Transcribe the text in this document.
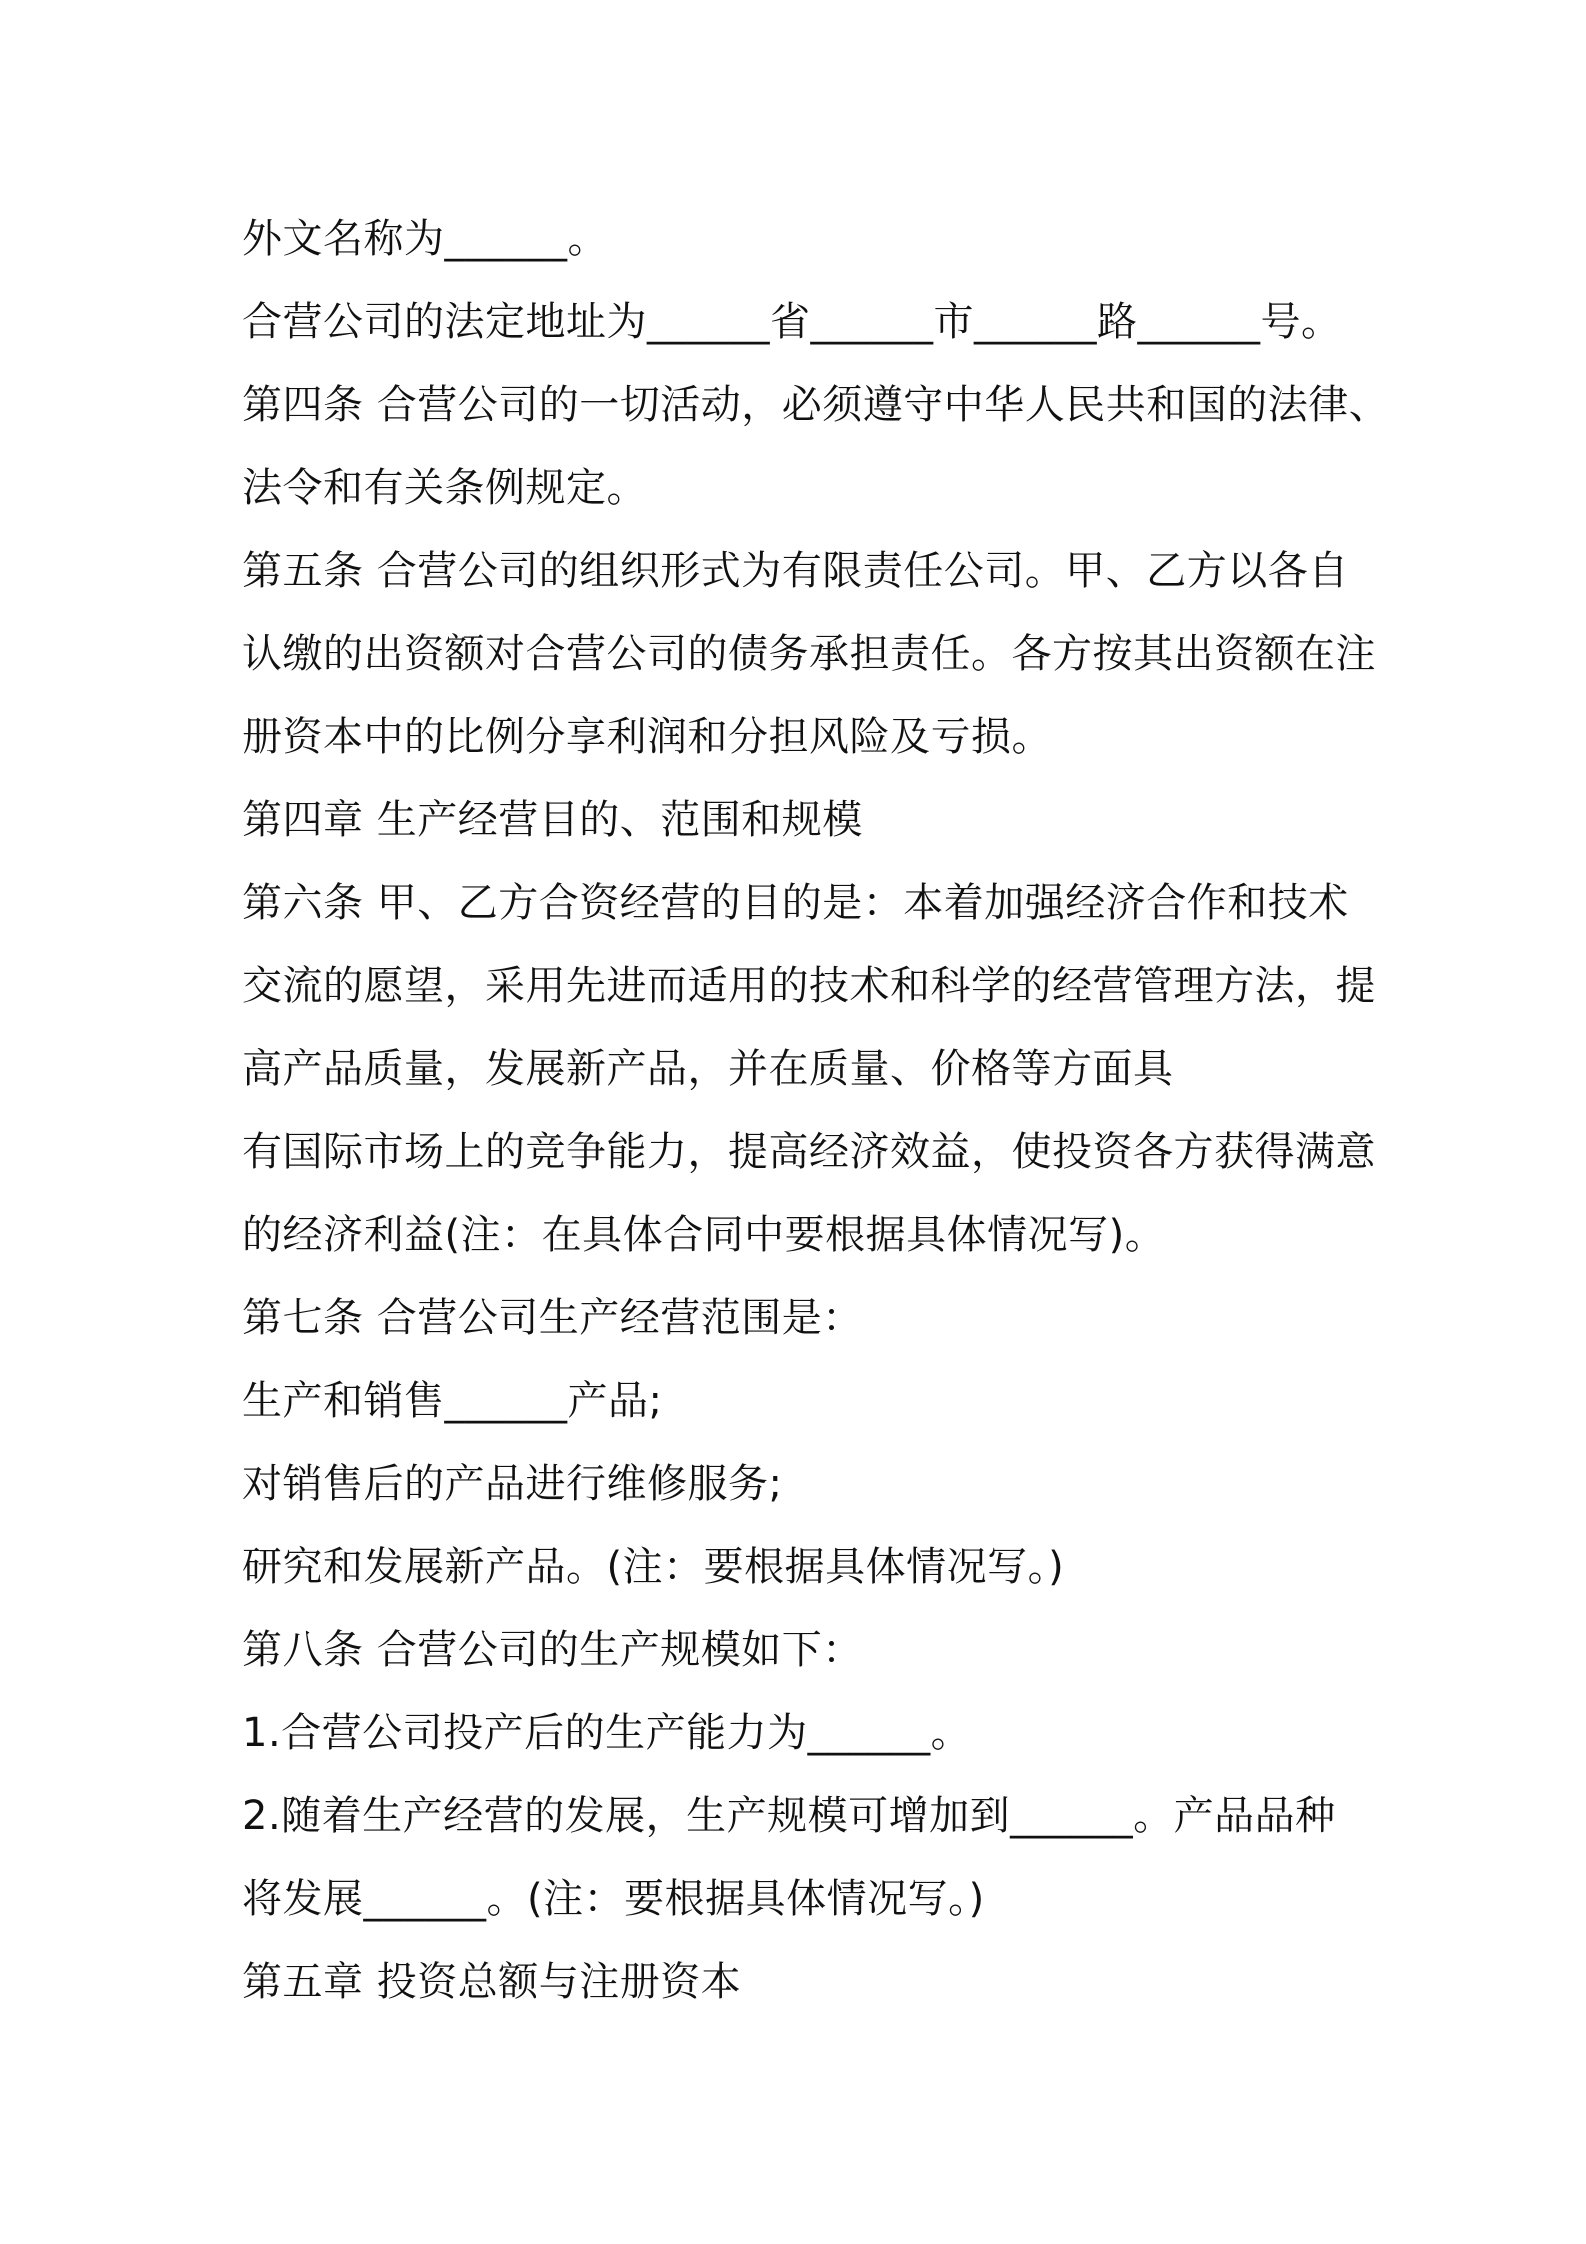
外文名称为______。
合营公司的法定地址为______省______市______路______号。
第四条 合营公司的一切活动，必须遵守中华人民共和国的法律、
法令和有关条例规定。
第五条 合营公司的组织形式为有限责任公司。甲、乙方以各自
认缴的出资额对合营公司的债务承担责任。各方按其出资额在注
册资本中的比例分享利润和分担风险及亏损。
第四章 生产经营目的、范围和规模
第六条 甲、乙方合资经营的目的是：本着加强经济合作和技术
交流的愿望，采用先进而适用的技术和科学的经营管理方法，提
高产品质量，发展新产品，并在质量、价格等方面具
有国际市场上的竞争能力，提高经济效益，使投资各方获得满意
的经济利益(注：在具体合同中要根据具体情况写)。
第七条 合营公司生产经营范围是：
生产和销售______产品;
对销售后的产品进行维修服务;
研究和发展新产品。(注：要根据具体情况写。)
第八条 合营公司的生产规模如下：
1.合营公司投产后的生产能力为______。
2.随着生产经营的发展，生产规模可增加到______。产品品种
将发展______。(注：要根据具体情况写。)
第五章 投资总额与注册资本
